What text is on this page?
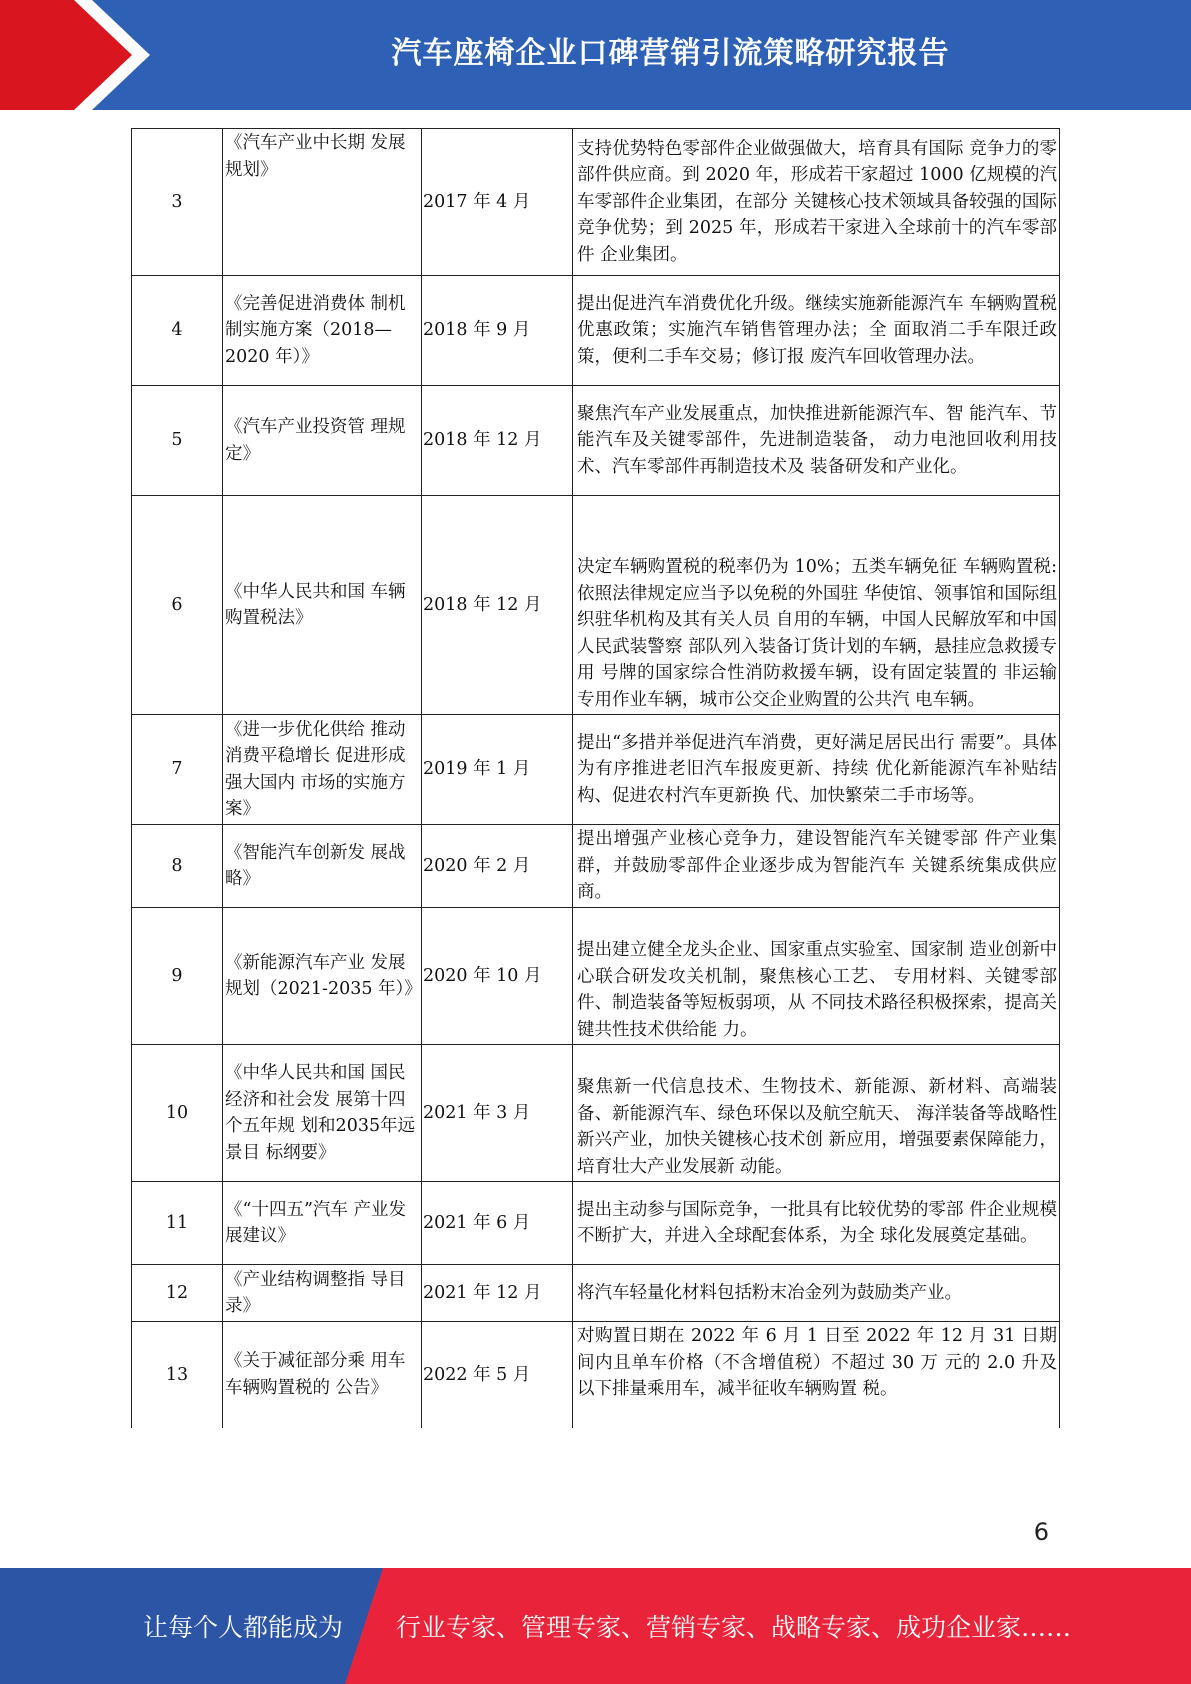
汽车座椅企业口碑营销引流策略研究报告
3	《汽车产业中长期 发展规划》	2017 年 4 月	支持优势特色零部件企业做强做大，培育具有国际 竞争力的零部件供应商。到 2020 年，形成若干家超过 1000 亿规模的汽车零部件企业集团，在部分 关键核心技术领域具备较强的国际竞争优势；到 2025 年，形成若干家进入全球前十的汽车零部件 企业集团。
4	《完善促进消费体 制机制实施方案（2018—2020 年）》	2018 年 9 月	提出促进汽车消费优化升级。继续实施新能源汽车 车辆购置税优惠政策；实施汽车销售管理办法；全 面取消二手车限迁政策，便利二手车交易；修订报 废汽车回收管理办法。
5	《汽车产业投资管 理规定》	2018 年 12 月	聚焦汽车产业发展重点，加快推进新能源汽车、智 能汽车、节能汽车及关键零部件，先进制造装备， 动力电池回收利用技术、汽车零部件再制造技术及 装备研发和产业化。
6	《中华人民共和国 车辆购置税法》	2018 年 12 月	决定车辆购置税的税率仍为 10%；五类车辆免征 车辆购置税:依照法律规定应当予以免税的外国驻 华使馆、领事馆和国际组织驻华机构及其有关人员 自用的车辆，中国人民解放军和中国人民武装警察 部队列入装备订货计划的车辆，悬挂应急救援专用 号牌的国家综合性消防救援车辆，设有固定装置的 非运输专用作业车辆，城市公交企业购置的公共汽 电车辆。
7	《进一步优化供给 推动消费平稳增长 促进形成强大国内 市场的实施方案》	2019 年 1 月	提出“多措并举促进汽车消费，更好满足居民出行 需要”。具体为有序推进老旧汽车报废更新、持续 优化新能源汽车补贴结构、促进农村汽车更新换 代、加快繁荣二手市场等。
8	《智能汽车创新发 展战略》	2020 年 2 月	提出增强产业核心竞争力，建设智能汽车关键零部 件产业集群，并鼓励零部件企业逐步成为智能汽车 关键系统集成供应商。
9	《新能源汽车产业 发展规划（2021-2035 年）》	2020 年 10 月	提出建立健全龙头企业、国家重点实验室、国家制 造业创新中心联合研发攻关机制，聚焦核心工艺、 专用材料、关键零部件、制造装备等短板弱项，从 不同技术路径积极探索，提高关键共性技术供给能 力。
10	《中华人民共和国 国民经济和社会发 展第十四个五年规 划和2035年远景目 标纲要》	2021 年 3 月	聚焦新一代信息技术、生物技术、新能源、新材料、高端装备、新能源汽车、绿色环保以及航空航天、 海洋装备等战略性新兴产业，加快关键核心技术创 新应用，增强要素保障能力，培育壮大产业发展新 动能。
11	《“十四五”汽车 产业发展建议》	2021 年 6 月	提出主动参与国际竞争，一批具有比较优势的零部 件企业规模不断扩大，并进入全球配套体系，为全 球化发展奠定基础。
12	《产业结构调整指 导目录》	2021 年 12 月	将汽车轻量化材料包括粉末冶金列为鼓励类产业。
13	《关于减征部分乘 用车车辆购置税的 公告》	2022 年 5 月	对购置日期在 2022 年 6 月 1 日至 2022 年 12 月 31 日期间内且单车价格（不含增值税）不超过 30 万 元的 2.0 升及以下排量乘用车，减半征收车辆购置 税。
6
让每个人都能成为 行业专家、管理专家、营销专家、战略专家、成功企业家……
